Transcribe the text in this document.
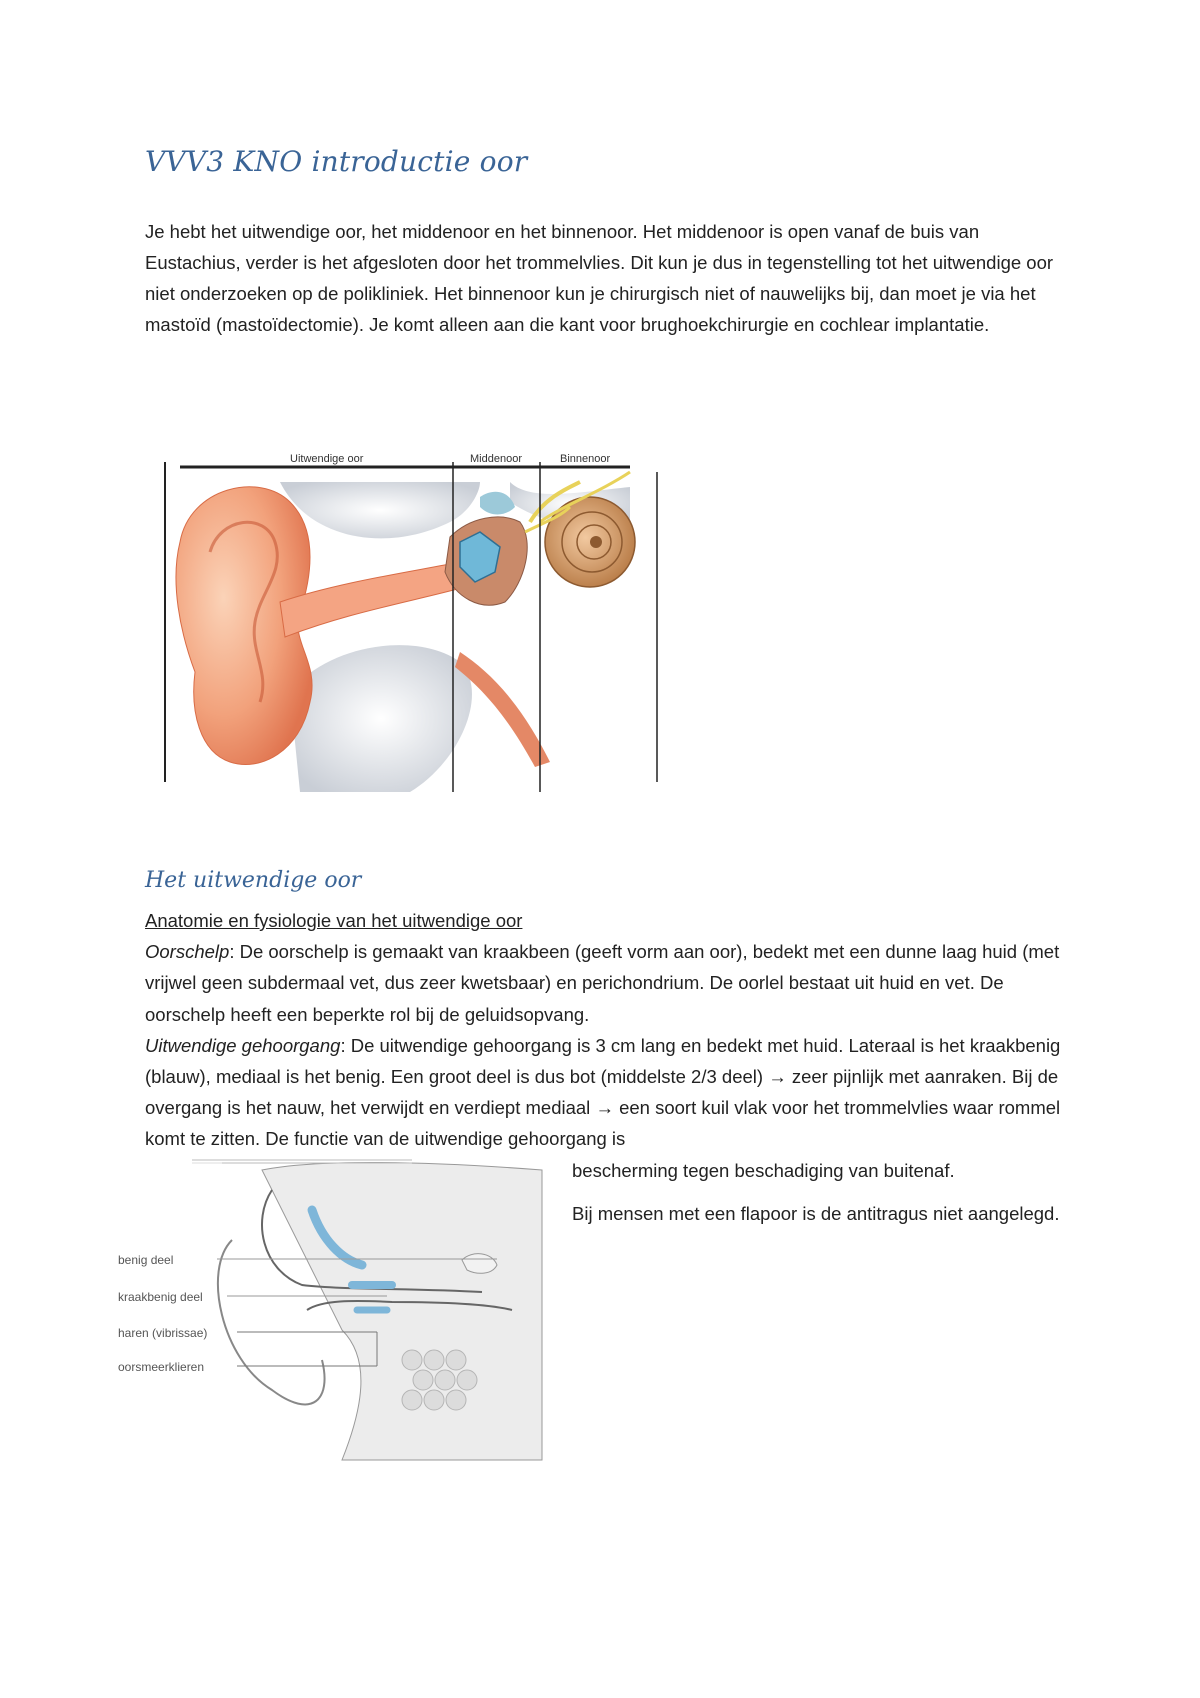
VVV3 KNO introductie oor

Je hebt het uitwendige oor, het middenoor en het binnenoor. Het middenoor is open vanaf de buis van Eustachius, verder is het afgesloten door het trommelvlies. Dit kun je dus in tegenstelling tot het uitwendige oor niet onderzoeken op de polikliniek. Het binnenoor kun je chirurgisch niet of nauwelijks bij, dan moet je via het mastoïd (mastoïdectomie). Je komt alleen aan die kant voor brughoekchirurgie en cochlear implantatie.

Uitwendige oor	Middenoor	Binnenoor
Het uitwendige oor

Anatomie en fysiologie van het uitwendige oor

Oorschelp: De oorschelp is gemaakt van kraakbeen (geeft vorm aan oor), bedekt met een dunne laag huid (met vrijwel geen subdermaal vet, dus zeer kwetsbaar) en perichondrium. De oorlel bestaat uit huid en vet. De oorschelp heeft een beperkte rol bij de geluidsopvang.

Uitwendige gehoorgang: De uitwendige gehoorgang is 3 cm lang en bedekt met huid. Lateraal is het kraakbenig (blauw), mediaal is het benig. Een groot deel is dus bot (middelste 2/3 deel) → zeer pijnlijk met aanraken. Bij de overgang is het nauw, het verwijdt en verdiept mediaal → een soort kuil vlak voor het trommelvlies waar rommel komt te zitten. De functie van de uitwendige gehoorgang is

bescherming tegen beschadiging van buitenaf.

Bij mensen met een flapoor is de antitragus niet aangelegd.

benig deel
kraakbenig deel
haren (vibrissae)
oorsmeerklieren
